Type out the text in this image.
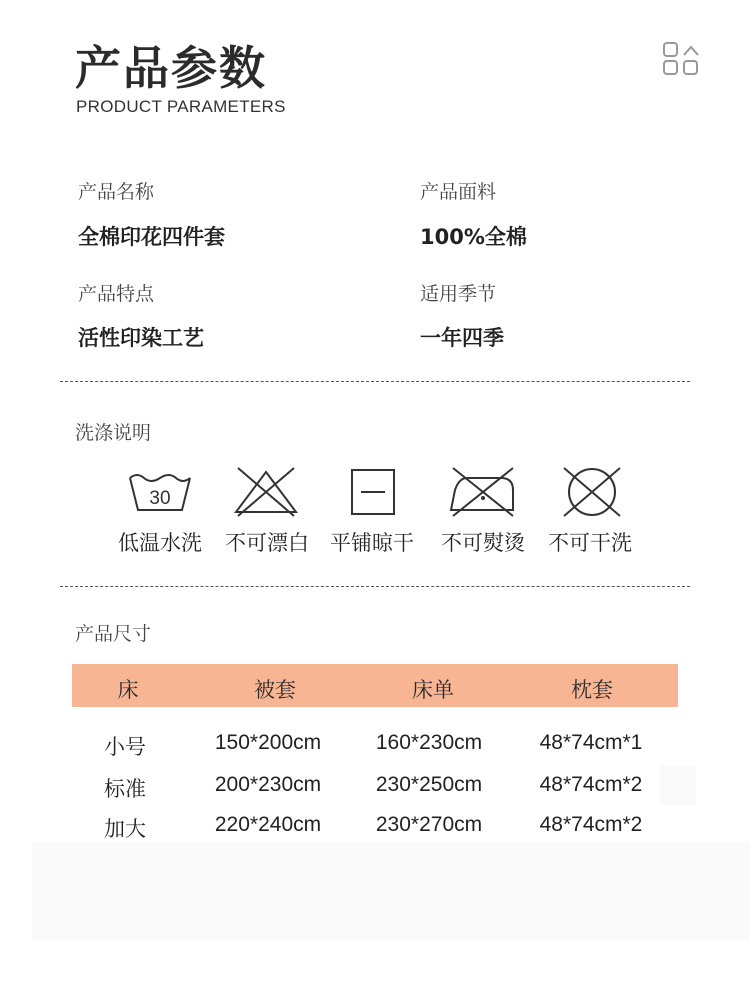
产品参数
PRODUCT PARAMETERS
产品名称
全棉印花四件套
产品面料
100%全棉
产品特点
活性印染工艺
适用季节
一年四季
洗涤说明
30
低温水洗	不可漂白	平铺晾干	不可熨烫	不可干洗
产品尺寸
床	被套	床单	枕套
小号	150*200cm	160*230cm	48*74cm*1
标准	200*230cm	230*250cm	48*74cm*2
加大	220*240cm	230*270cm	48*74cm*2
